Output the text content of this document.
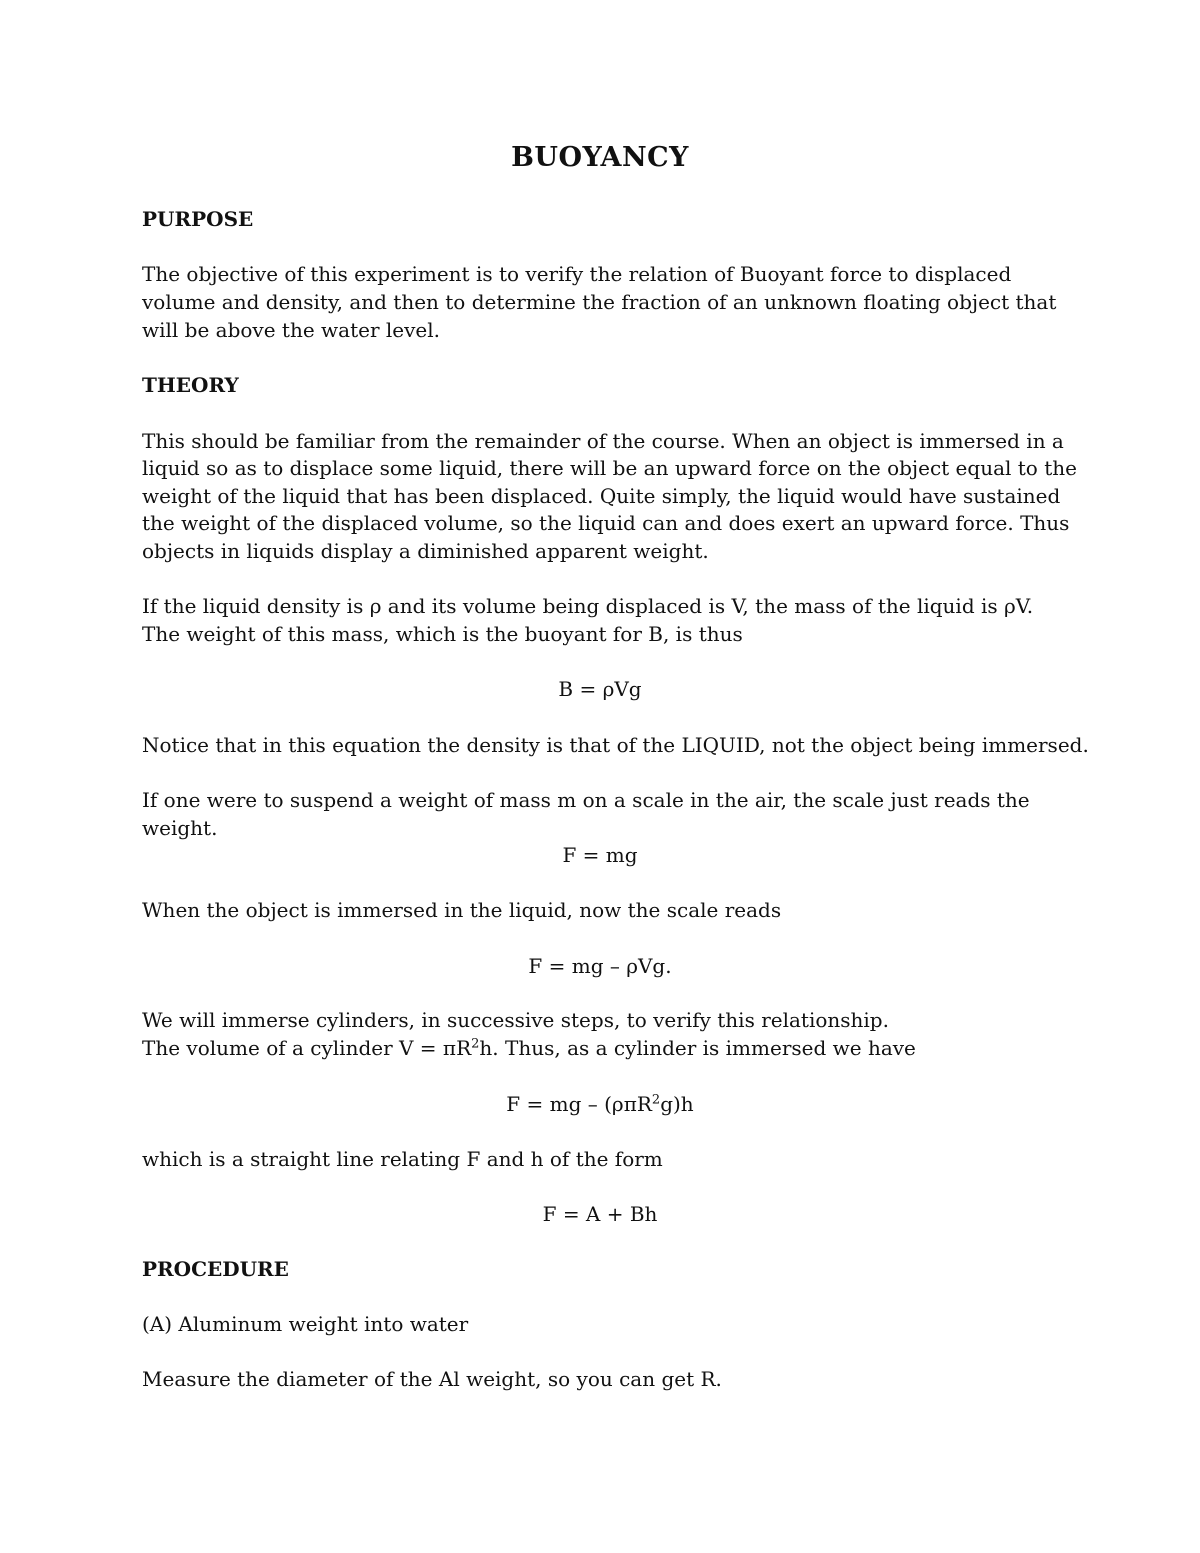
BUOYANCY
PURPOSE
The objective of this experiment is to verify the relation of Buoyant force to displaced
volume and density, and then to determine the fraction of an unknown floating object that
will be above the water level.
THEORY
This should be familiar from the remainder of the course. When an object is immersed in a
liquid so as to displace some liquid, there will be an upward force on the object equal to the
weight of the liquid that has been displaced. Quite simply, the liquid would have sustained
the weight of the displaced volume, so the liquid can and does exert an upward force. Thus
objects in liquids display a diminished apparent weight.
If the liquid density is ρ and its volume being displaced is V, the mass of the liquid is ρV.
The weight of this mass, which is the buoyant for B, is thus
B = ρVg
Notice that in this equation the density is that of the LIQUID, not the object being immersed.
If one were to suspend a weight of mass m on a scale in the air, the scale just reads the
weight.
F = mg
When the object is immersed in the liquid, now the scale reads
F = mg – ρVg.
We will immerse cylinders, in successive steps, to verify this relationship.
The volume of a cylinder $V = \pi R^2h$. Thus, as a cylinder is immersed we have
F = mg – (ρπR$^2$g)h
which is a straight line relating F and h of the form
F = A + Bh
PROCEDURE
(A) Aluminum weight into water
Measure the diameter of the Al weight, so you can get R.
